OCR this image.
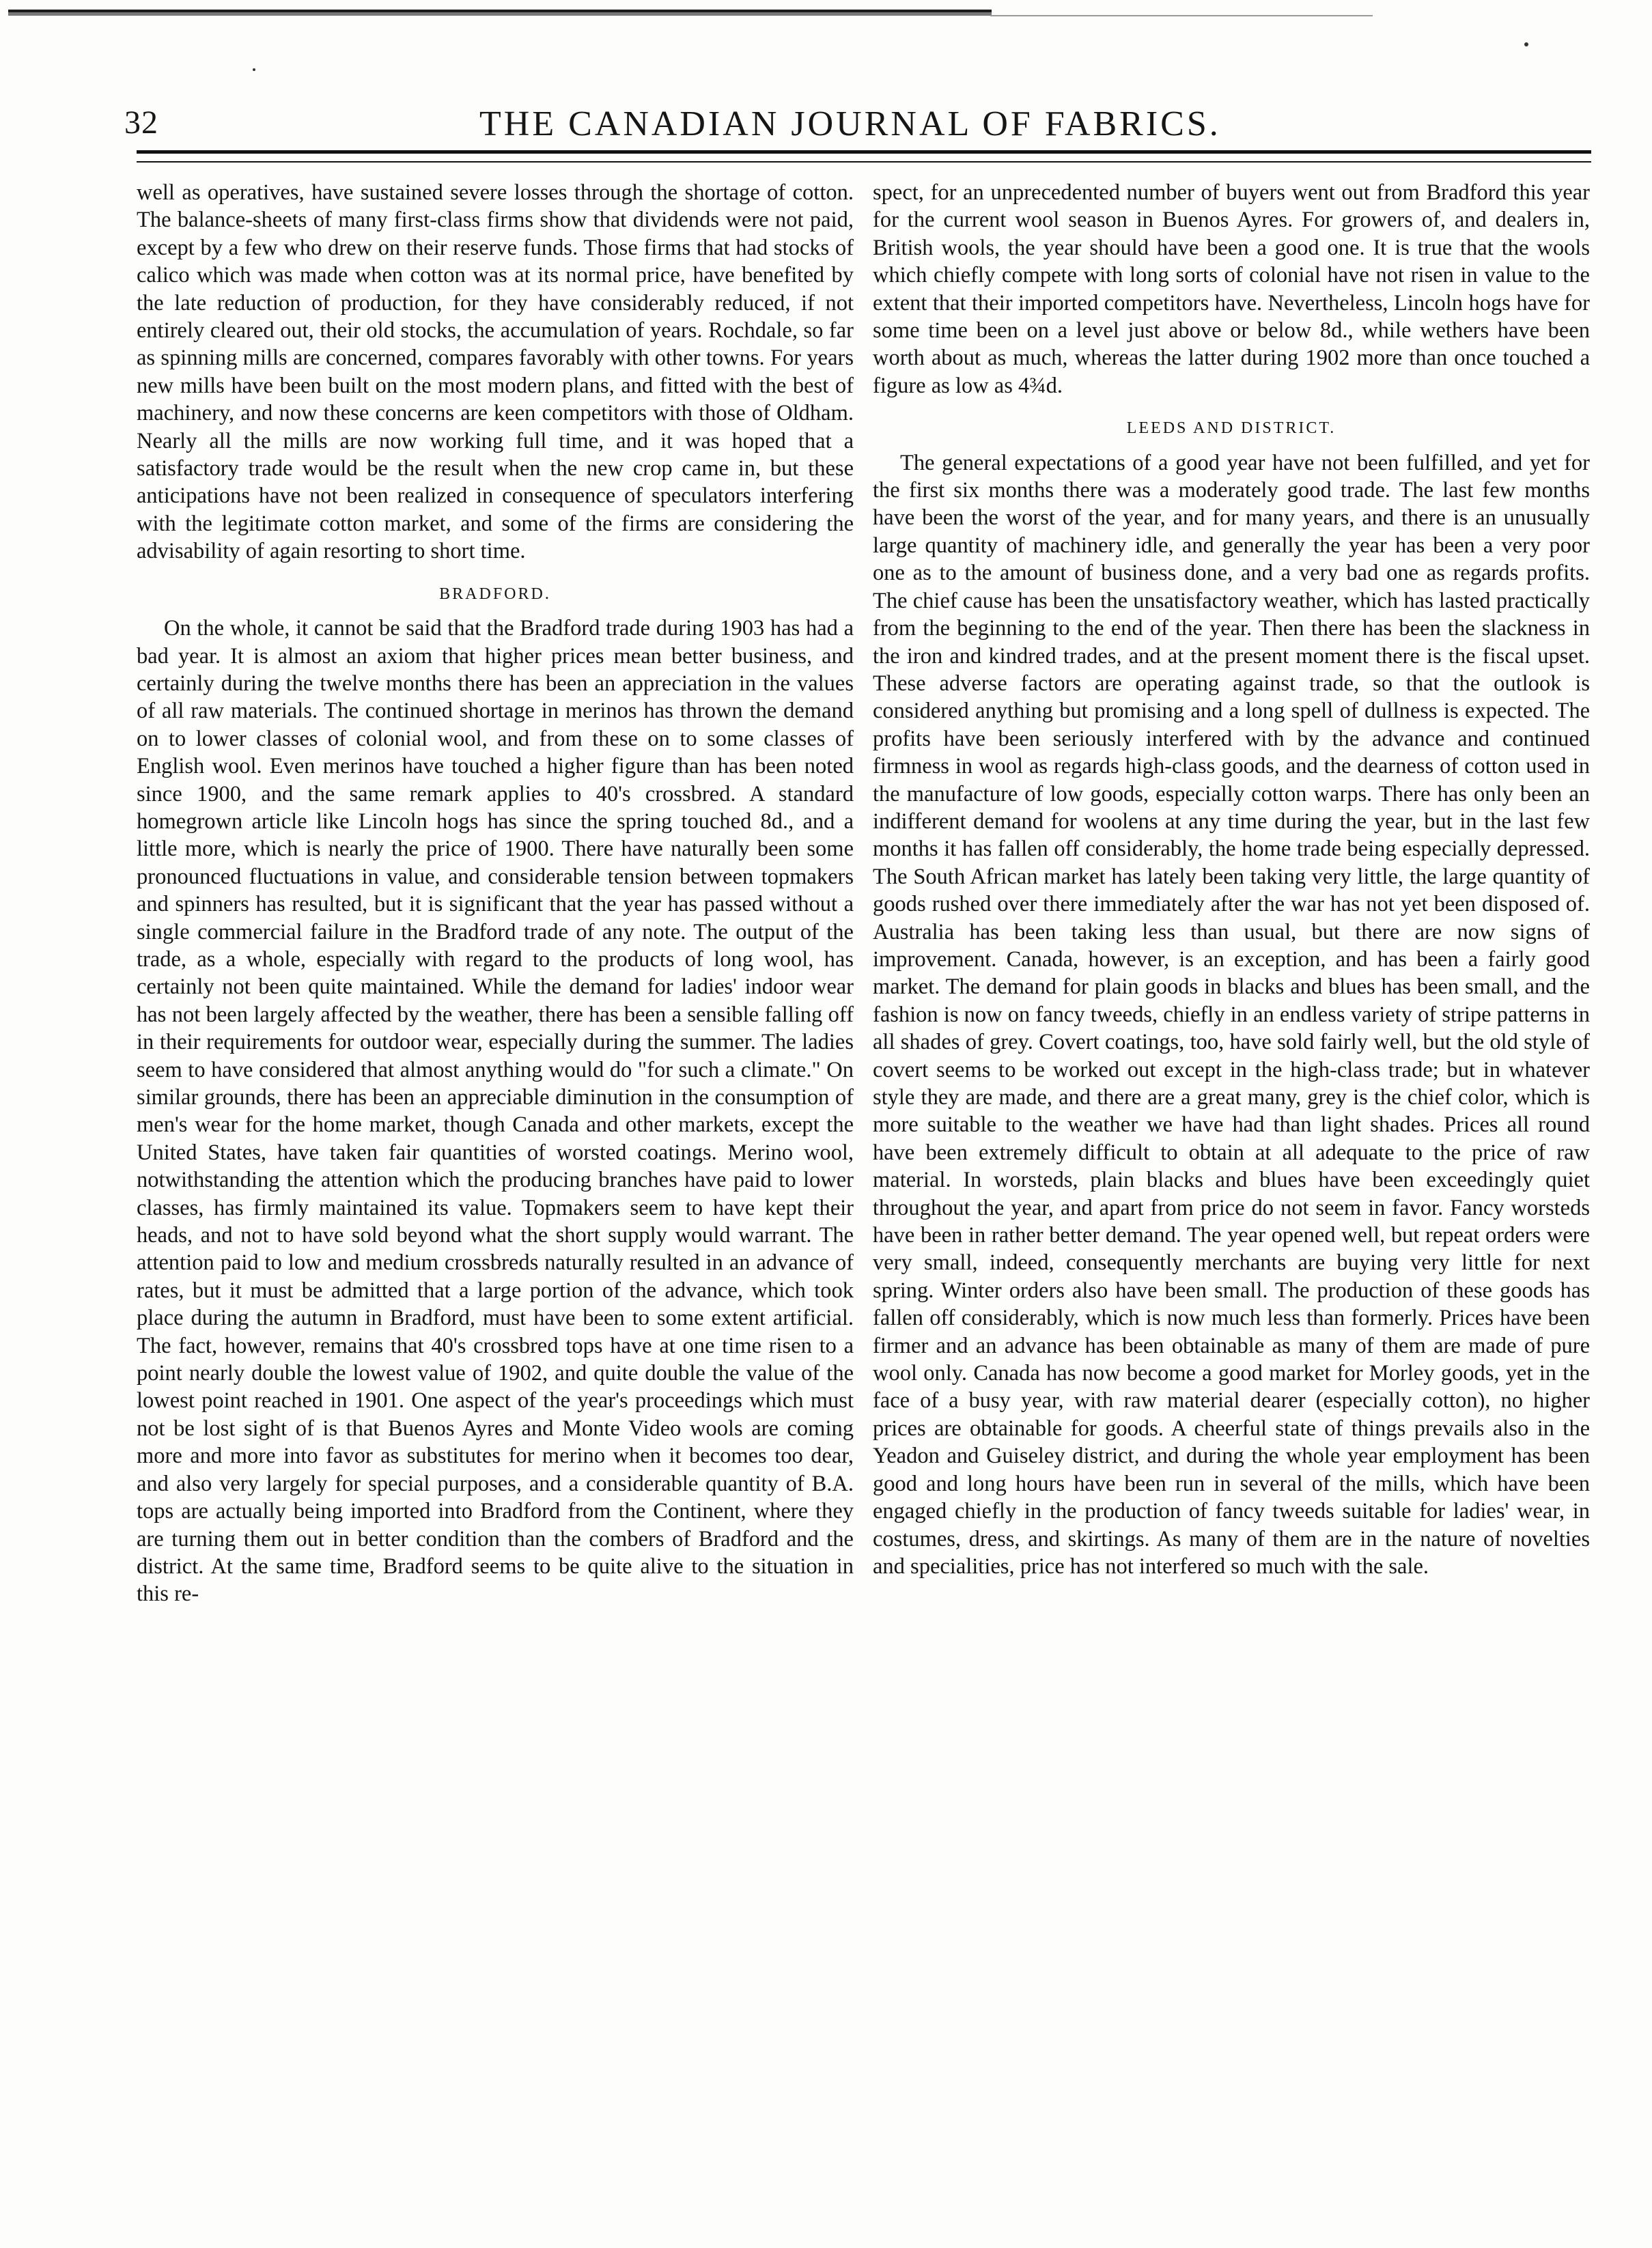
32	THE CANADIAN JOURNAL OF FABRICS.

well as operatives, have sustained severe losses through the shortage of cotton. The balance-sheets of many first-class firms show that dividends were not paid, except by a few who drew on their reserve funds. Those firms that had stocks of calico which was made when cotton was at its normal price, have benefited by the late reduction of production, for they have considerably reduced, if not entirely cleared out, their old stocks, the accumulation of years. Rochdale, so far as spinning mills are concerned, compares favorably with other towns. For years new mills have been built on the most modern plans, and fitted with the best of machinery, and now these concerns are keen competitors with those of Oldham. Nearly all the mills are now working full time, and it was hoped that a satisfactory trade would be the result when the new crop came in, but these anticipations have not been realized in consequence of speculators interfering with the legitimate cotton market, and some of the firms are considering the advisability of again resorting to short time.

BRADFORD.

On the whole, it cannot be said that the Bradford trade during 1903 has had a bad year. It is almost an axiom that higher prices mean better business, and certainly during the twelve months there has been an appreciation in the values of all raw materials. The continued shortage in merinos has thrown the demand on to lower classes of colonial wool, and from these on to some classes of English wool. Even merinos have touched a higher figure than has been noted since 1900, and the same remark applies to 40's crossbred. A standard homegrown article like Lincoln hogs has since the spring touched 8d., and a little more, which is nearly the price of 1900. There have naturally been some pronounced fluctuations in value, and considerable tension between topmakers and spinners has resulted, but it is significant that the year has passed without a single commercial failure in the Bradford trade of any note. The output of the trade, as a whole, especially with regard to the products of long wool, has certainly not been quite maintained. While the demand for ladies' indoor wear has not been largely affected by the weather, there has been a sensible falling off in their requirements for outdoor wear, especially during the summer. The ladies seem to have considered that almost anything would do "for such a climate." On similar grounds, there has been an appreciable diminution in the consumption of men's wear for the home market, though Canada and other markets, except the United States, have taken fair quantities of worsted coatings. Merino wool, notwithstanding the attention which the producing branches have paid to lower classes, has firmly maintained its value. Topmakers seem to have kept their heads, and not to have sold beyond what the short supply would warrant. The attention paid to low and medium crossbreds naturally resulted in an advance of rates, but it must be admitted that a large portion of the advance, which took place during the autumn in Bradford, must have been to some extent artificial. The fact, however, remains that 40's crossbred tops have at one time risen to a point nearly double the lowest value of 1902, and quite double the value of the lowest point reached in 1901. One aspect of the year's proceedings which must not be lost sight of is that Buenos Ayres and Monte Video wools are coming more and more into favor as substitutes for merino when it becomes too dear, and also very largely for special purposes, and a considerable quantity of B.A. tops are actually being imported into Bradford from the Continent, where they are turning them out in better condition than the combers of Bradford and the district. At the same time, Bradford seems to be quite alive to the situation in this re-

spect, for an unprecedented number of buyers went out from Bradford this year for the current wool season in Buenos Ayres. For growers of, and dealers in, British wools, the year should have been a good one. It is true that the wools which chiefly compete with long sorts of colonial have not risen in value to the extent that their imported competitors have. Nevertheless, Lincoln hogs have for some time been on a level just above or below 8d., while wethers have been worth about as much, whereas the latter during 1902 more than once touched a figure as low as 4¾d.

LEEDS AND DISTRICT.

The general expectations of a good year have not been fulfilled, and yet for the first six months there was a moderately good trade. The last few months have been the worst of the year, and for many years, and there is an unusually large quantity of machinery idle, and generally the year has been a very poor one as to the amount of business done, and a very bad one as regards profits. The chief cause has been the unsatisfactory weather, which has lasted practically from the beginning to the end of the year. Then there has been the slackness in the iron and kindred trades, and at the present moment there is the fiscal upset. These adverse factors are operating against trade, so that the outlook is considered anything but promising and a long spell of dullness is expected. The profits have been seriously interfered with by the advance and continued firmness in wool as regards high-class goods, and the dearness of cotton used in the manufacture of low goods, especially cotton warps. There has only been an indifferent demand for woolens at any time during the year, but in the last few months it has fallen off considerably, the home trade being especially depressed. The South African market has lately been taking very little, the large quantity of goods rushed over there immediately after the war has not yet been disposed of. Australia has been taking less than usual, but there are now signs of improvement. Canada, however, is an exception, and has been a fairly good market. The demand for plain goods in blacks and blues has been small, and the fashion is now on fancy tweeds, chiefly in an endless variety of stripe patterns in all shades of grey. Covert coatings, too, have sold fairly well, but the old style of covert seems to be worked out except in the high-class trade; but in whatever style they are made, and there are a great many, grey is the chief color, which is more suitable to the weather we have had than light shades. Prices all round have been extremely difficult to obtain at all adequate to the price of raw material. In worsteds, plain blacks and blues have been exceedingly quiet throughout the year, and apart from price do not seem in favor. Fancy worsteds have been in rather better demand. The year opened well, but repeat orders were very small, indeed, consequently merchants are buying very little for next spring. Winter orders also have been small. The production of these goods has fallen off considerably, which is now much less than formerly. Prices have been firmer and an advance has been obtainable as many of them are made of pure wool only. Canada has now become a good market for Morley goods, yet in the face of a busy year, with raw material dearer (especially cotton), no higher prices are obtainable for goods. A cheerful state of things prevails also in the Yeadon and Guiseley district, and during the whole year employment has been good and long hours have been run in several of the mills, which have been engaged chiefly in the production of fancy tweeds suitable for ladies' wear, in costumes, dress, and skirtings. As many of them are in the nature of novelties and specialities, price has not interfered so much with the sale.
